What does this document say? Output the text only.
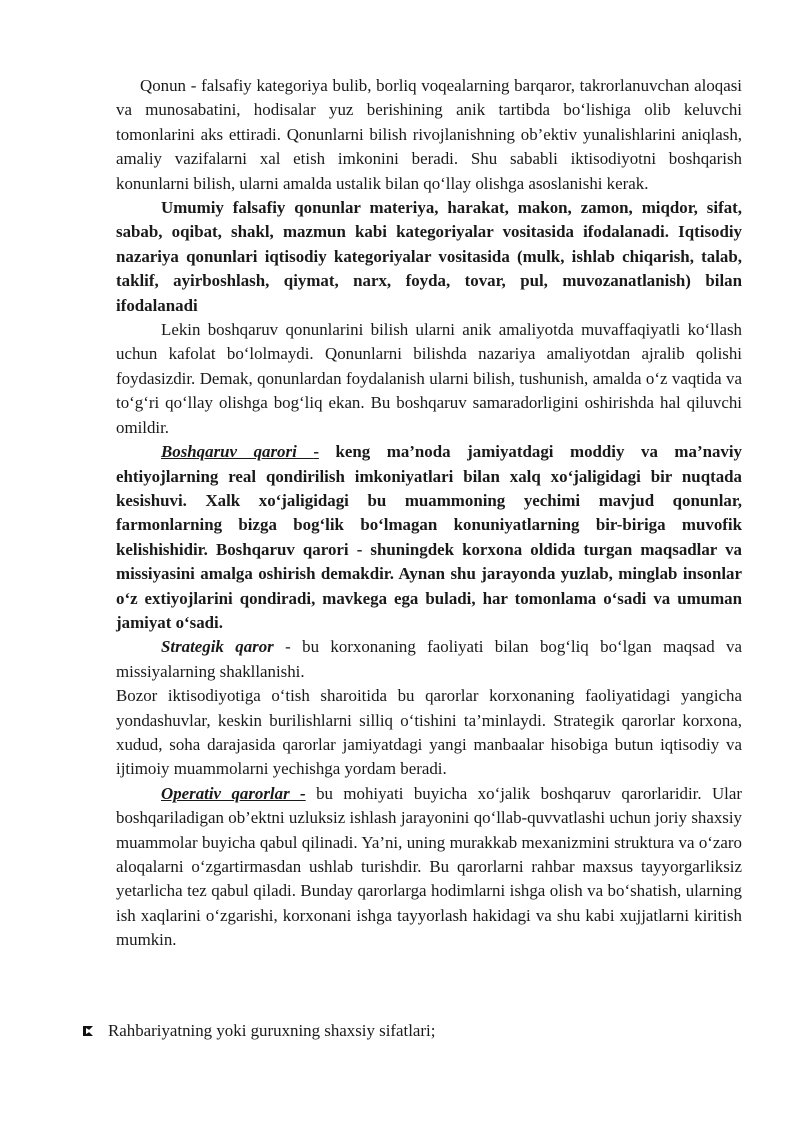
Qonun - falsafiy kategoriya bulib, borliq voqealarning barqaror, takrorlanuvchan aloqasi va munosabatini, hodisalar yuz berishining anik tartibda bo‘lishiga olib keluvchi tomonlarini aks ettiradi. Qonunlarni bilish rivojlanishning ob’ektiv yunalishlarini aniqlash, amaliy vazifalarni xal etish imkonini beradi. Shu sababli iktisodiyotni boshqarish konunlarni bilish, ularni amalda ustalik bilan qo‘llay olishga asoslanishi kerak.

Umumiy falsafiy qonunlar materiya, harakat, makon, zamon, miqdor, sifat, sabab, oqibat, shakl, mazmun kabi kategoriyalar vositasida ifodalanadi. Iqtisodiy nazariya qonunlari iqtisodiy kategoriyalar vositasida (mulk, ishlab chiqarish, talab, taklif, ayirboshlash, qiymat, narx, foyda, tovar, pul, muvozanatlanish) bilan ifodalanadi

Lekin boshqaruv qonunlarini bilish ularni anik amaliyotda muvaffaqiyatli ko‘llash uchun kafolat bo‘lolmaydi. Qonunlarni bilishda nazariya amaliyotdan ajralib qolishi foydasizdir. Demak, qonunlardan foydalanish ularni bilish, tushunish, amalda o‘z vaqtida va to‘g‘ri qo‘llay olishga bog‘liq ekan. Bu boshqaruv samaradorligini oshirishda hal qiluvchi omildir.

Boshqaruv qarori - keng ma’noda jamiyatdagi moddiy va ma’naviy ehtiyojlarning real qondirilish imkoniyatlari bilan xalq xo‘jaligidagi bir nuqtada kesishuvi. Xalk xo‘jaligidagi bu muammoning yechimi mavjud qonunlar, farmonlarning bizga bog‘lik bo‘lmagan konuniyatlarning bir-biriga muvofik kelishishidir. Boshqaruv qarori - shuningdek korxona oldida turgan maqsadlar va missiyasini amalga oshirish demakdir. Aynan shu jarayonda yuzlab, minglab insonlar o‘z extiyojlarini qondiradi, mavkega ega buladi, har tomonlama o‘sadi va umuman jamiyat o‘sadi.

Strategik qaror - bu korxonaning faoliyati bilan bog‘liq bo‘lgan maqsad va missiyalarning shakllanishi.

Bozor iktisodiyotiga o‘tish sharoitida bu qarorlar korxonaning faoliyatidagi yangicha yondashuvlar, keskin burilishlarni silliq o‘tishini ta’minlaydi. Strategik qarorlar korxona, xudud, soha darajasida qarorlar jamiyatdagi yangi manbaalar hisobiga butun iqtisodiy va ijtimoiy muammolarni yechishga yordam beradi.

Operativ qarorlar - bu mohiyati buyicha xo‘jalik boshqaruv qarorlaridir. Ular boshqariladigan ob’ektni uzluksiz ishlash jarayonini qo‘llab-quvvatlashi uchun joriy shaxsiy muammolar buyicha qabul qilinadi. Ya’ni, uning murakkab mexanizmini struktura va o‘zaro aloqalarni o‘zgartirmasdan ushlab turishdir. Bu qarorlarni rahbar maxsus tayyorgarliksiz yetarlicha tez qabul qiladi. Bunday qarorlarga hodimlarni ishga olish va bo‘shatish, ularning ish xaqlarini o‘zgarishi, korxonani ishga tayyorlash hakidagi va shu kabi xujjatlarni kiritish mumkin.

Rahbariyatning yoki guruxning shaxsiy sifatlari;
